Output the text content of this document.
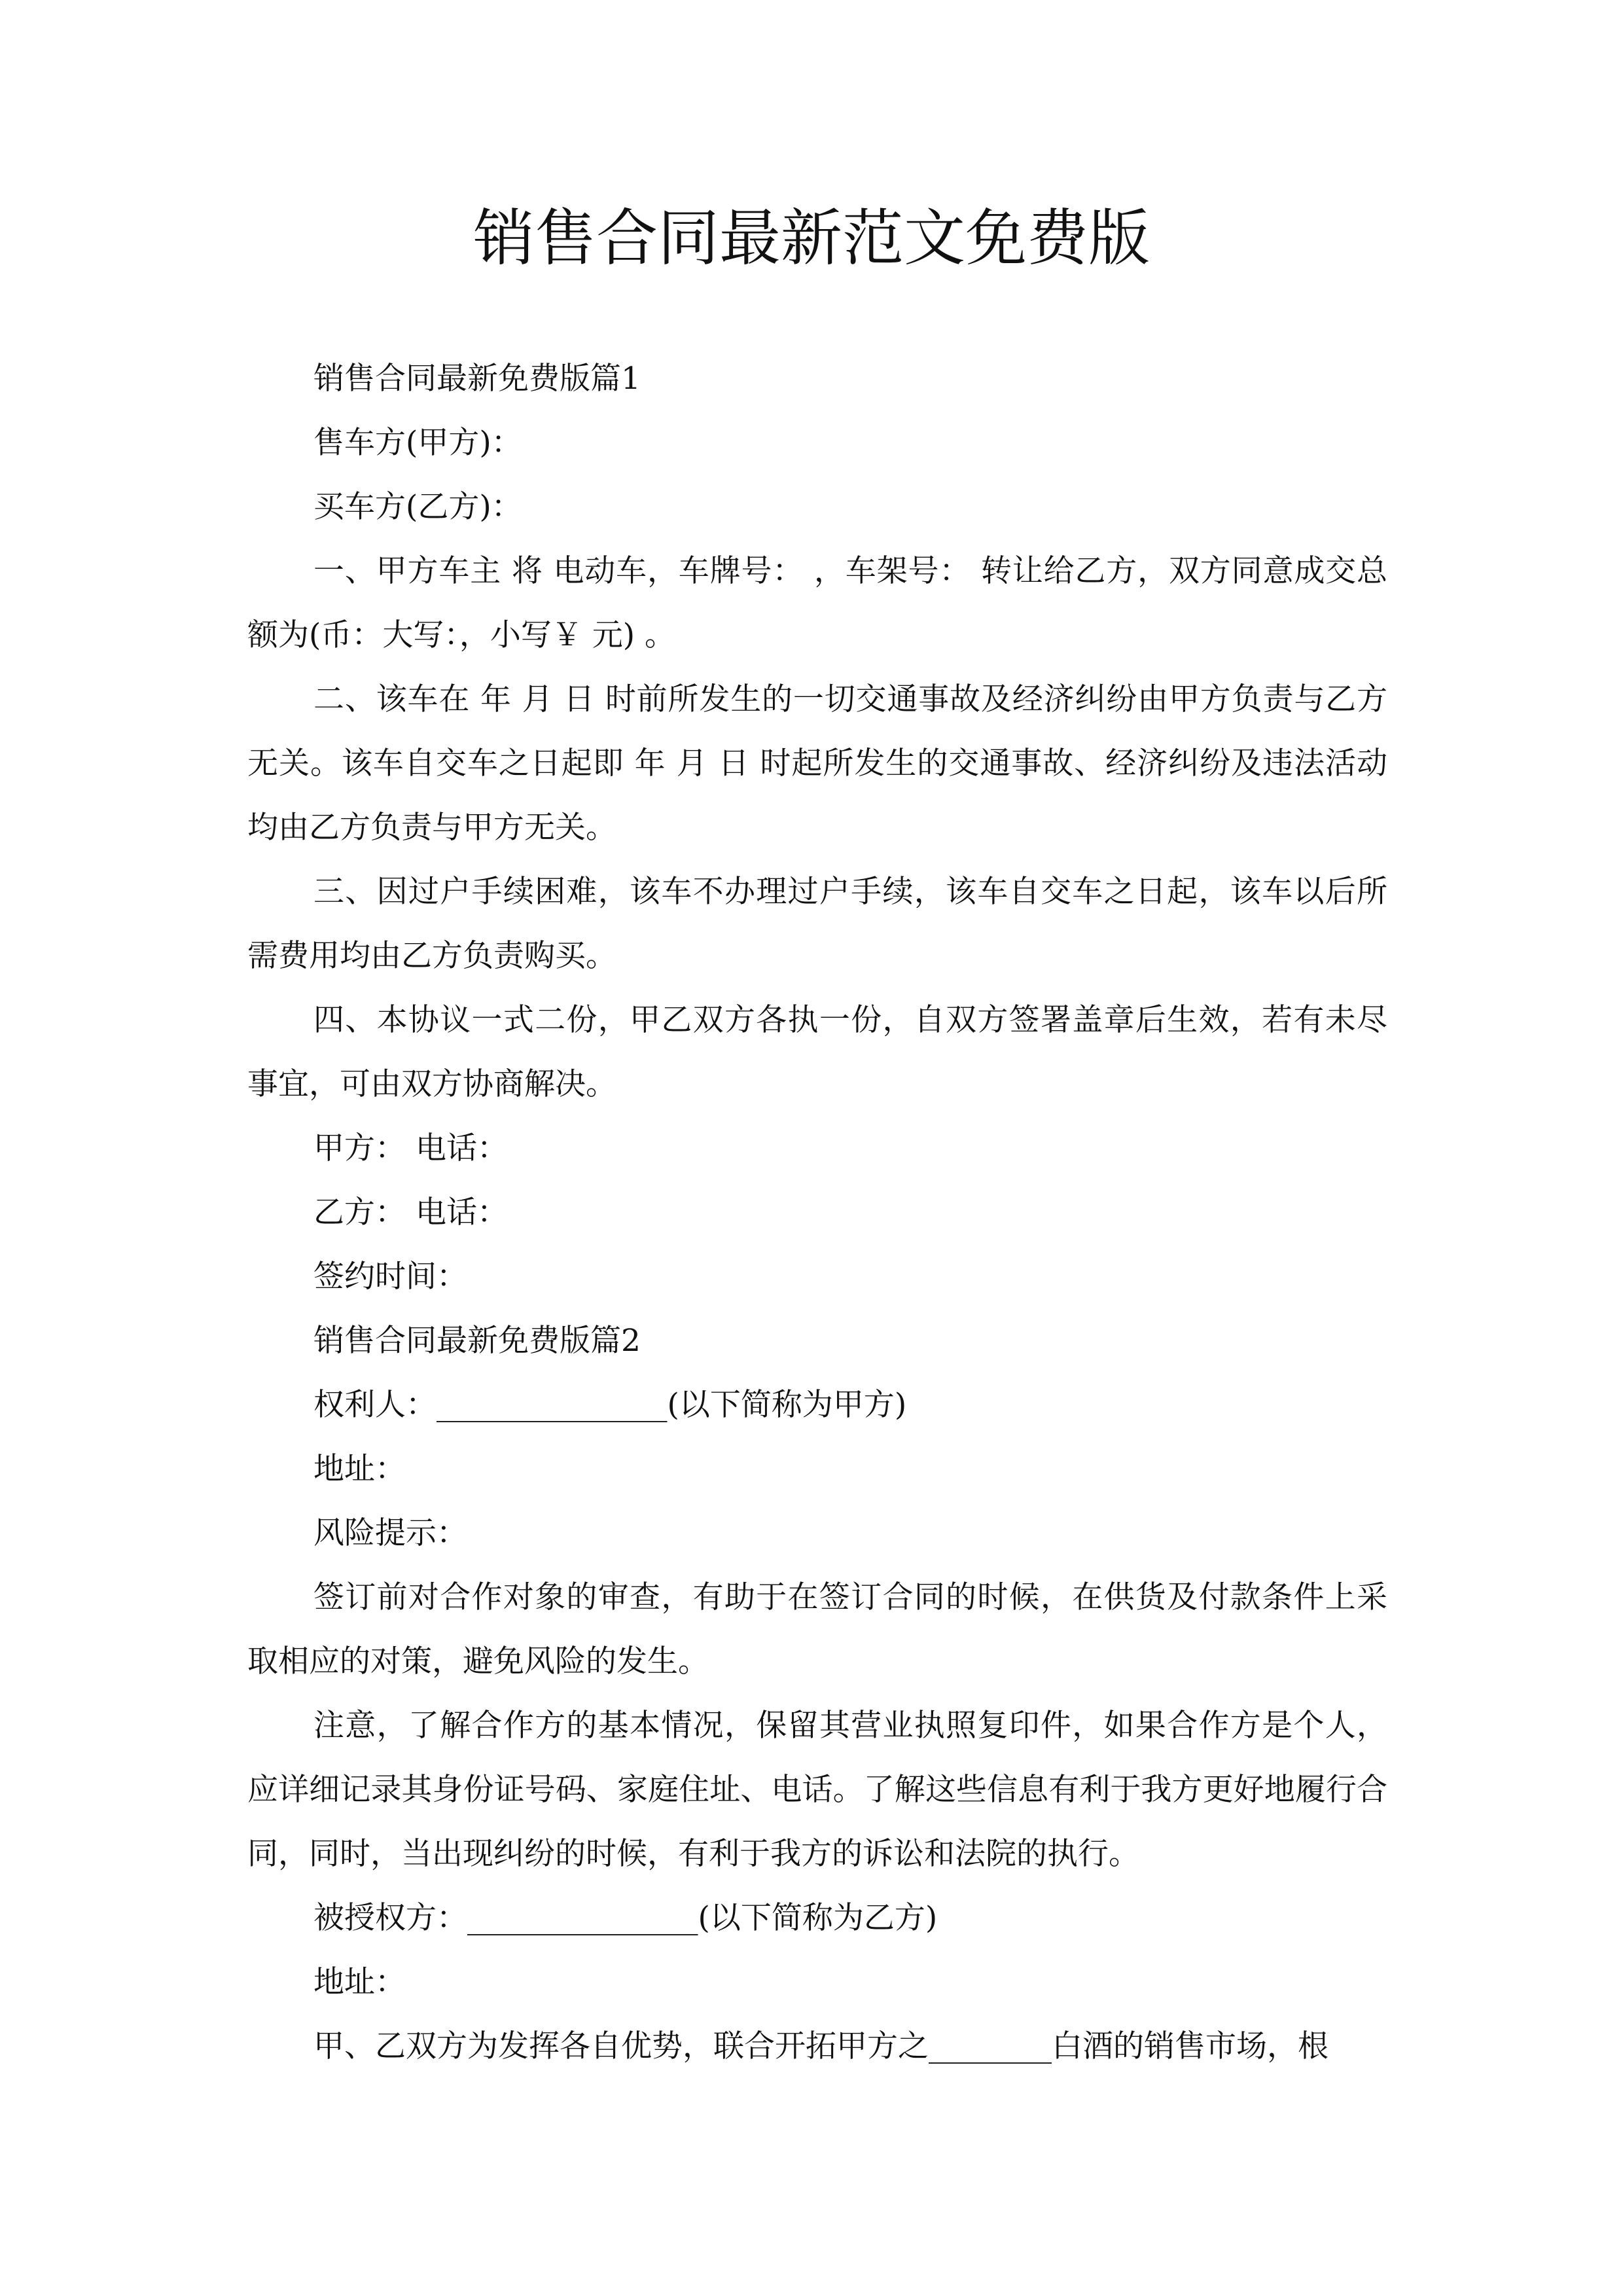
销售合同最新范文免费版

销售合同最新免费版篇1

售车方(甲方)：

买车方(乙方)：

一、甲方车主 将 电动车，车牌号： ，车架号： 转让给乙方，双方同意成交总额为(币：大写：，小写￥ 元) 。

二、该车在 年 月 日 时前所发生的一切交通事故及经济纠纷由甲方负责与乙方无关。该车自交车之日起即 年 月 日 时起所发生的交通事故、经济纠纷及违法活动均由乙方负责与甲方无关。

三、因过户手续困难，该车不办理过户手续，该车自交车之日起，该车以后所需费用均由乙方负责购买。

四、本协议一式二份，甲乙双方各执一份，自双方签署盖章后生效，若有未尽事宜，可由双方协商解决。

甲方： 电话：

乙方： 电话：

签约时间：

销售合同最新免费版篇2

权利人：_______________(以下简称为甲方)

地址：

风险提示：

签订前对合作对象的审查，有助于在签订合同的时候，在供货及付款条件上采取相应的对策，避免风险的发生。

注意，了解合作方的基本情况，保留其营业执照复印件，如果合作方是个人，应详细记录其身份证号码、家庭住址、电话。了解这些信息有利于我方更好地履行合同，同时，当出现纠纷的时候，有利于我方的诉讼和法院的执行。

被授权方：_______________(以下简称为乙方)

地址：

甲、乙双方为发挥各自优势，联合开拓甲方之________白酒的销售市场，根
